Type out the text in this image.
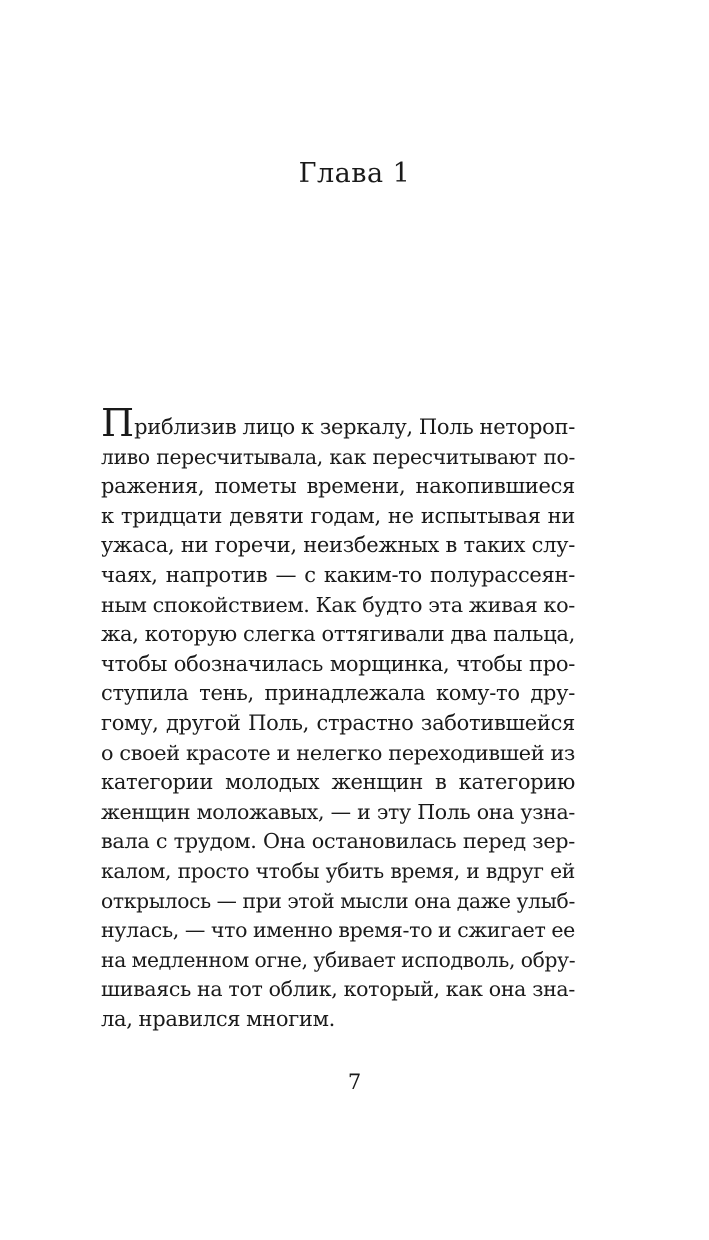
Глава 1
Приблизив лицо к зеркалу, Поль нетороп-
ливо пересчитывала, как пересчитывают по-
ражения, пометы времени, накопившиеся
к тридцати девяти годам, не испытывая ни
ужаса, ни горечи, неизбежных в таких слу-
чаях, напротив — с каким-то полурассеян-
ным спокойствием. Как будто эта живая ко-
жа, которую слегка оттягивали два пальца,
чтобы обозначилась морщинка, чтобы про-
ступила тень, принадлежала кому-то дру-
гому, другой Поль, страстно заботившейся
о своей красоте и нелегко переходившей из
категории молодых женщин в категорию
женщин моложавых, — и эту Поль она узна-
вала с трудом. Она остановилась перед зер-
калом, просто чтобы убить время, и вдруг ей
открылось — при этой мысли она даже улыб-
нулась, — что именно время-то и сжигает ее
на медленном огне, убивает исподволь, обру-
шиваясь на тот облик, который, как она зна-
ла, нравился многим.
7
